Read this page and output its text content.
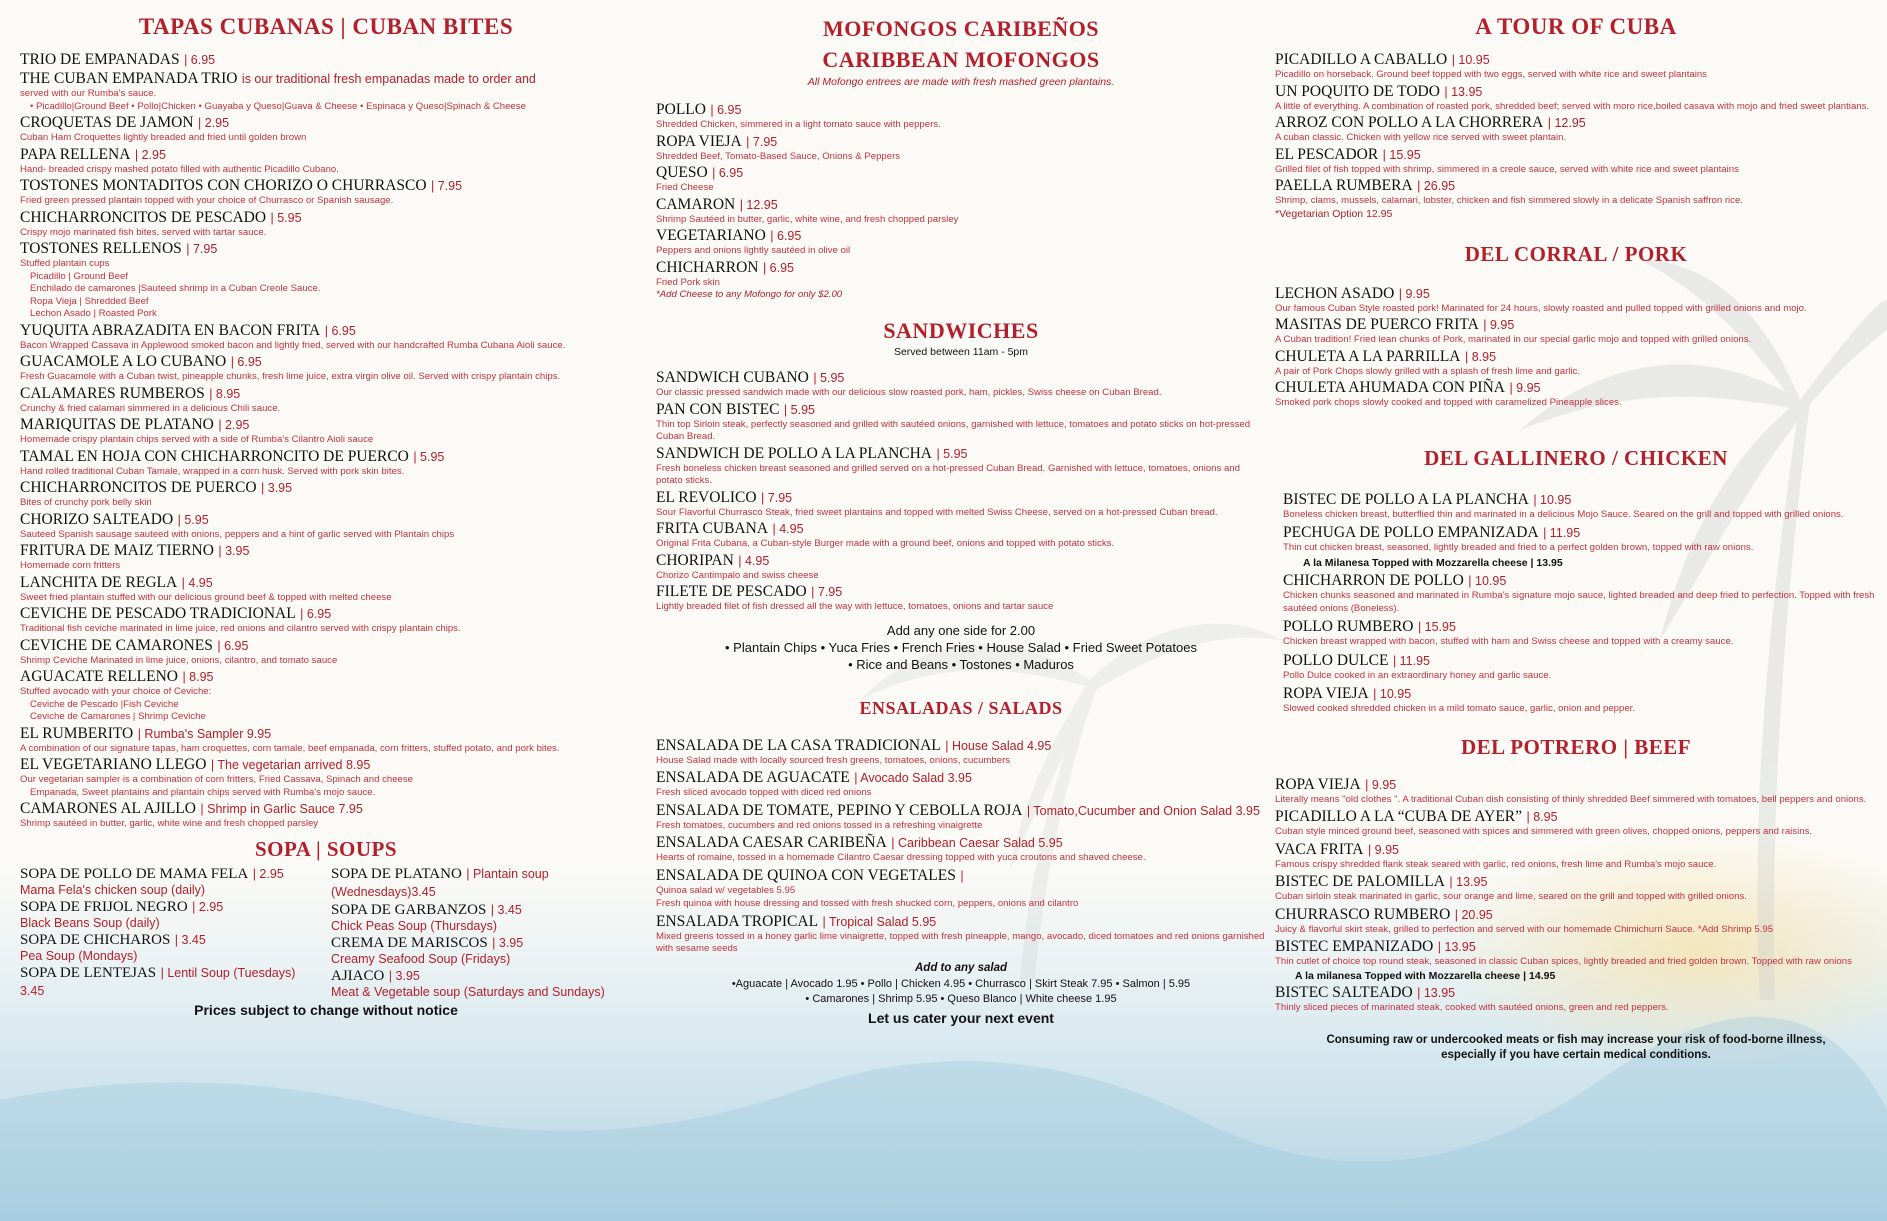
TAPAS CUBANAS | CUBAN BITES
TRIO DE EMPANADAS | 6.95
THE CUBAN EMPANADA TRIO is our traditional fresh empanadas made to order and
served with our Rumba's sauce.
• Picadillo|Ground Beef • Pollo|Chicken • Guayaba y Queso|Guava & Cheese • Espinaca y Queso|Spinach & Cheese
CROQUETAS DE JAMON | 2.95
Cuban Ham Croquettes lightly breaded and fried until golden brown
PAPA RELLENA | 2.95
Hand- breaded crispy mashed potato filled with authentic Picadillo Cubano.
TOSTONES MONTADITOS CON CHORIZO O CHURRASCO | 7.95
Fried green pressed plantain topped with your choice of Churrasco or Spanish sausage.
CHICHARRONCITOS DE PESCADO | 5.95
Crispy mojo marinated fish bites, served with tartar sauce.
TOSTONES RELLENOS | 7.95
Stuffed plantain cups
Picadillo | Ground Beef
Enchilado de camarones |Sauteed shrimp in a Cuban Creole Sauce.
Ropa Vieja | Shredded Beef
Lechon Asado | Roasted Pork
YUQUITA ABRAZADITA EN BACON FRITA | 6.95
Bacon Wrapped Cassava in Applewood smoked bacon and lightly fried, served with our handcrafted Rumba Cubana Aioli sauce.
GUACAMOLE A LO CUBANO | 6.95
Fresh Guacamole with a Cuban twist, pineapple chunks, fresh lime juice, extra virgin olive oil. Served with crispy plantain chips.
CALAMARES RUMBEROS | 8.95
Crunchy & fried calamari simmered in a delicious Chili sauce.
MARIQUITAS DE PLATANO | 2.95
Homemade crispy plantain chips served with a side of Rumba's Cilantro Aioli sauce
TAMAL EN HOJA CON CHICHARRONCITO DE PUERCO | 5.95
Hand rolled traditional Cuban Tamale, wrapped in a corn husk. Served with pork skin bites.
CHICHARRONCITOS DE PUERCO | 3.95
Bites of crunchy pork belly skin
CHORIZO SALTEADO | 5.95
Sauteed Spanish sausage sauteed with onions, peppers and a hint of garlic served with Plantain chips
FRITURA DE MAIZ TIERNO | 3.95
Homemade corn fritters
LANCHITA DE REGLA | 4.95
Sweet fried plantain stuffed with our delicious ground beef & topped with melted cheese
CEVICHE DE PESCADO TRADICIONAL | 6.95
Traditional fish ceviche marinated in lime juice, red onions and cilantro served with crispy plantain chips.
CEVICHE DE CAMARONES | 6.95
Shrimp Ceviche Marinated in lime juice, onions, cilantro, and tomato sauce
AGUACATE RELLENO | 8.95
Stuffed avocado with your choice of Ceviche:
Ceviche de Pescado |Fish Ceviche
Ceviche de Camarones | Shrimp Ceviche
EL RUMBERITO | Rumba's Sampler 9.95
A combination of our signature tapas, ham croquettes, corn tamale, beef empanada, corn fritters, stuffed potato, and pork bites.
EL VEGETARIANO LLEGO | The vegetarian arrived 8.95
Our vegetarian sampler is a combination of corn fritters, Fried Cassava, Spinach and cheese
Empanada, Sweet plantains and plantain chips served with Rumba's mojo sauce.
CAMARONES AL AJILLO | Shrimp in Garlic Sauce 7.95
Shrimp sautéed in butter, garlic, white wine and fresh chopped parsley
SOPA | SOUPS
SOPA DE POLLO DE MAMA FELA | 2.95
Mama Fela's chicken soup (daily)
SOPA DE FRIJOL NEGRO | 2.95
Black Beans Soup (daily)
SOPA DE CHICHAROS | 3.45
Pea Soup (Mondays)
SOPA DE LENTEJAS | Lentil Soup (Tuesdays) 3.45
SOPA DE PLATANO | Plantain soup (Wednesdays)3.45
SOPA DE GARBANZOS | 3.45
Chick Peas Soup (Thursdays)
CREMA DE MARISCOS | 3.95
Creamy Seafood Soup (Fridays)
AJIACO | 3.95
Meat & Vegetable soup (Saturdays and Sundays)
Prices subject to change without notice
MOFONGOS CARIBEÑOS
CARIBBEAN MOFONGOS
All Mofongo entrees are made with fresh mashed green plantains.
POLLO | 6.95
Shredded Chicken, simmered in a light tomato sauce with peppers.
ROPA VIEJA | 7.95
Shredded Beef, Tomato-Based Sauce, Onions & Peppers
QUESO | 6.95
Fried Cheese
CAMARON | 12.95
Shrimp Sautéed in butter, garlic, white wine, and fresh chopped parsley
VEGETARIANO | 6.95
Peppers and onions lightly sautéed in olive oil
CHICHARRON | 6.95
Fried Pork skin
*Add Cheese to any Mofongo for only $2.00
SANDWICHES
Served between 11am - 5pm
SANDWICH CUBANO | 5.95
Our classic pressed sandwich made with our delicious slow roasted pork, ham, pickles, Swiss cheese on Cuban Bread.
PAN CON BISTEC | 5.95
Thin top Sirloin steak, perfectly seasoned and grilled with sautéed onions, garnished with lettuce, tomatoes and potato sticks on hot-pressed Cuban Bread.
SANDWICH DE POLLO A LA PLANCHA | 5.95
Fresh boneless chicken breast seasoned and grilled served on a hot-pressed Cuban Bread. Garnished with lettuce, tomatoes, onions and potato sticks.
EL REVOLICO | 7.95
Sour Flavorful Churrasco Steak, fried sweet plantains and topped with melted Swiss Cheese, served on a hot-pressed Cuban bread.
FRITA CUBANA | 4.95
Original Frita Cubana, a Cuban-style Burger made with a ground beef, onions and topped with potato sticks.
CHORIPAN | 4.95
Chorizo Cantimpalo and swiss cheese
FILETE DE PESCADO | 7.95
Lightly breaded filet of fish dressed all the way with lettuce, tomatoes, onions and tartar sauce
Add any one side for 2.00
• Plantain Chips • Yuca Fries • French Fries • House Salad • Fried Sweet Potatoes
• Rice and Beans • Tostones • Maduros
ENSALADAS / SALADS
ENSALADA DE LA CASA TRADICIONAL | House Salad 4.95
House Salad made with locally sourced fresh greens, tomatoes, onions, cucumbers
ENSALADA DE AGUACATE | Avocado Salad 3.95
Fresh sliced avocado topped with diced red onions
ENSALADA DE TOMATE, PEPINO Y CEBOLLA ROJA | Tomato,Cucumber and Onion Salad 3.95
Fresh tomatoes, cucumbers and red onions tossed in a refreshing vinaigrette
ENSALADA CAESAR CARIBEÑA | Caribbean Caesar Salad 5.95
Hearts of romaine, tossed in a homemade Cilantro Caesar dressing topped with yuca croutons and shaved cheese.
ENSALADA DE QUINOA CON VEGETALES |
Quinoa salad w/ vegetables 5.95
Fresh quinoa with house dressing and tossed with fresh shucked corn, peppers, onions and cilantro
ENSALADA TROPICAL | Tropical Salad 5.95
Mixed greens tossed in a honey garlic lime vinaigrette, topped with fresh pineapple, mango, avocado, diced tomatoes and red onions garnished with sesame seeds
Add to any salad
•Aguacate | Avocado 1.95 • Pollo | Chicken 4.95 • Churrasco | Skirt Steak 7.95 • Salmon | 5.95
• Camarones | Shrimp 5.95 • Queso Blanco | White cheese 1.95
Let us cater your next event
A TOUR OF CUBA
PICADILLO A CABALLO | 10.95
Picadillo on horseback. Ground beef topped with two eggs, served with white rice and sweet plantains
UN POQUITO DE TODO | 13.95
A little of everything. A combination of roasted pork, shredded beef; served with moro rice,boiled casava with mojo and fried sweet plantians.
ARROZ CON POLLO A LA CHORRERA | 12.95
A cuban classic. Chicken with yellow rice served with sweet plantain.
EL PESCADOR | 15.95
Grilled filet of fish topped with shrimp, simmered in a creole sauce, served with white rice and sweet plantains
PAELLA RUMBERA | 26.95
Shrimp, clams, mussels, calamari, lobster, chicken and fish simmered slowly in a delicate Spanish saffron rice.
*Vegetarian Option 12.95
DEL CORRAL / PORK
LECHON ASADO | 9.95
Our famous Cuban Style roasted pork! Marinated for 24 hours, slowly roasted and pulled topped with grilled onions and mojo.
MASITAS DE PUERCO FRITA | 9.95
A Cuban tradition! Fried lean chunks of Pork, marinated in our special garlic mojo and topped with grilled onions.
CHULETA A LA PARRILLA | 8.95
A pair of Pork Chops slowly grilled with a splash of fresh lime and garlic.
CHULETA AHUMADA CON PIÑA | 9.95
Smoked pork chops slowly cooked and topped with caramelized Pineapple slices.
DEL GALLINERO / CHICKEN
BISTEC DE POLLO A LA PLANCHA | 10.95
Boneless chicken breast, butterflied thin and marinated in a delicious Mojo Sauce. Seared on the grill and topped with grilled onions.
PECHUGA DE POLLO EMPANIZADA | 11.95
Thin cut chicken breast, seasoned, lightly breaded and fried to a perfect golden brown, topped with raw onions.
A la Milanesa Topped with Mozzarella cheese | 13.95
CHICHARRON DE POLLO | 10.95
Chicken chunks seasoned and marinated in Rumba's signature mojo sauce, lighted breaded and deep fried to perfection. Topped with fresh sautéed onions (Boneless).
POLLO RUMBERO | 15.95
Chicken breast wrapped with bacon, stuffed with ham and Swiss cheese and topped with a creamy sauce.
POLLO DULCE | 11.95
Pollo Dulce cooked in an extraordinary honey and garlic sauce.
ROPA VIEJA | 10.95
Slowed cooked shredded chicken in a mild tomato sauce, garlic, onion and pepper.
DEL POTRERO | BEEF
ROPA VIEJA | 9.95
Literally means "old clothes ". A traditional Cuban dish consisting of thinly shredded Beef simmered with tomatoes, bell peppers and onions.
PICADILLO A LA “CUBA DE AYER” | 8.95
Cuban style minced ground beef, seasoned with spices and simmered with green olives, chopped onions, peppers and raisins.
VACA FRITA | 9.95
Famous crispy shredded flank steak seared with garlic, red onions, fresh lime and Rumba's mojo sauce.
BISTEC DE PALOMILLA | 13.95
Cuban sirloin steak marinated in garlic, sour orange and lime, seared on the grill and topped with grilled onions.
CHURRASCO RUMBERO | 20.95
Juicy & flavorful skirt steak, grilled to perfection and served with our homemade Chimichurri Sauce. *Add Shrimp 5.95
BISTEC EMPANIZADO | 13.95
Thin cutlet of choice top round steak, seasoned in classic Cuban spices, lightly breaded and fried golden brown. Topped with raw onions
A la milanesa Topped with Mozzarella cheese | 14.95
BISTEC SALTEADO | 13.95
Thinly sliced pieces of marinated steak, cooked with sautéed onions, green and red peppers.
Consuming raw or undercooked meats or fish may increase your risk of food-borne illness,
especially if you have certain medical conditions.
